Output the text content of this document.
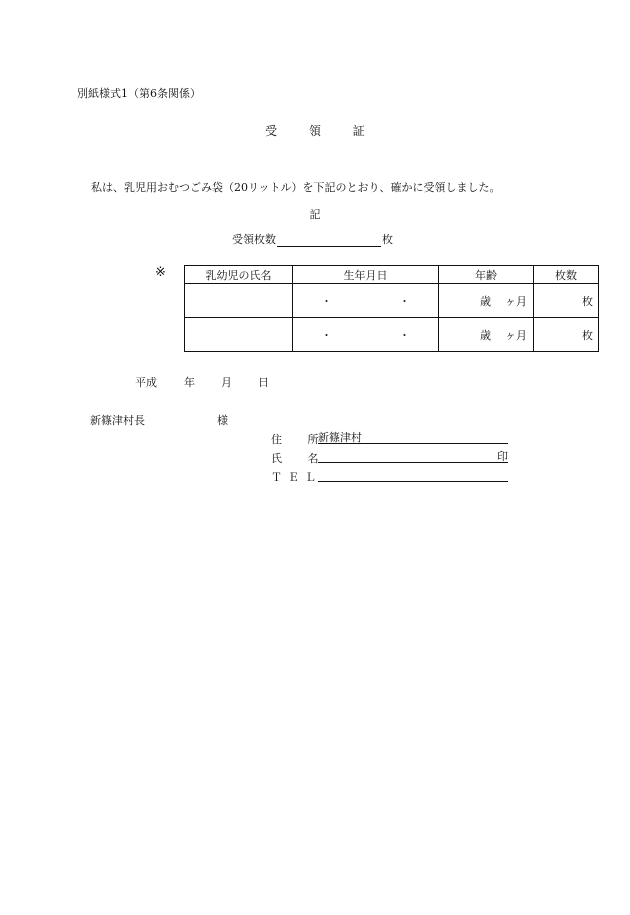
別紙様式1（第6条関係）
受 領 証
私は、乳児用おむつごみ袋（20リットル）を下記のとおり、確かに受領しました。
記
受領枚数	枚
※	乳幼児の氏名	生年月日	年齢	枚数
	・　・	歳 ヶ月	枚
	・　・	歳 ヶ月	枚
平成 年 月 日
新篠津村長	様
住 所
新篠津村
氏 名	印
ＴＥＬ
